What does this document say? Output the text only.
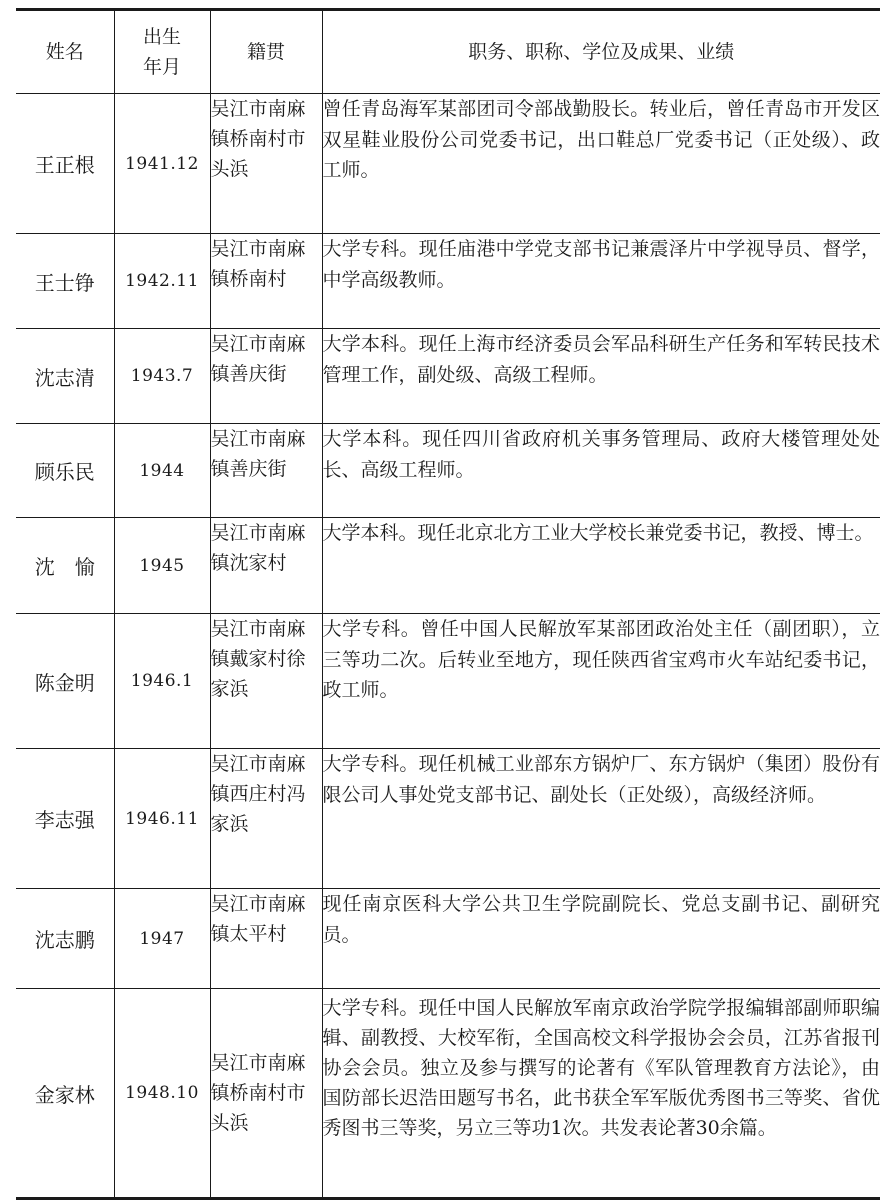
姓名	出生年月	籍贯	职务、职称、学位及成果、业绩
王正根	1941.12	吴江市南麻镇桥南村市头浜	曾任青岛海军某部团司令部战勤股长。转业后，曾任青岛市开发区双星鞋业股份公司党委书记，出口鞋总厂党委书记（正处级）、政工师。

王士铮	1942.11	吴江市南麻镇桥南村	大学专科。现任庙港中学党支部书记兼震泽片中学视导员、督学，中学高级教师。

沈志清	1943.7	吴江市南麻镇善庆街	大学本科。现任上海市经济委员会军品科研生产任务和军转民技术管理工作，副处级、高级工程师。

顾乐民	1944	吴江市南麻镇善庆街	大学本科。现任四川省政府机关事务管理局、政府大楼管理处处长、高级工程师。

沈　愉	1945	吴江市南麻镇沈家村	大学本科。现任北京北方工业大学校长兼党委书记，教授、博士。

陈金明	1946.1	吴江市南麻镇戴家村徐家浜	大学专科。曾任中国人民解放军某部团政治处主任（副团职），立三等功二次。后转业至地方，现任陕西省宝鸡市火车站纪委书记，政工师。

李志强	1946.11	吴江市南麻镇西庄村冯家浜	大学专科。现任机械工业部东方锅炉厂、东方锅炉（集团）股份有限公司人事处党支部书记、副处长（正处级），高级经济师。

沈志鹏	1947	吴江市南麻镇太平村	现任南京医科大学公共卫生学院副院长、党总支副书记、副研究员。

金家林	1948.10	吴江市南麻镇桥南村市头浜	大学专科。现任中国人民解放军南京政治学院学报编辑部副师职编辑、副教授、大校军衔，全国高校文科学报协会会员，江苏省报刊协会会员。独立及参与撰写的论著有《军队管理教育方法论》，由国防部长迟浩田题写书名，此书获全军军版优秀图书三等奖、省优秀图书三等奖，另立三等功1次。共发表论著30余篇。
